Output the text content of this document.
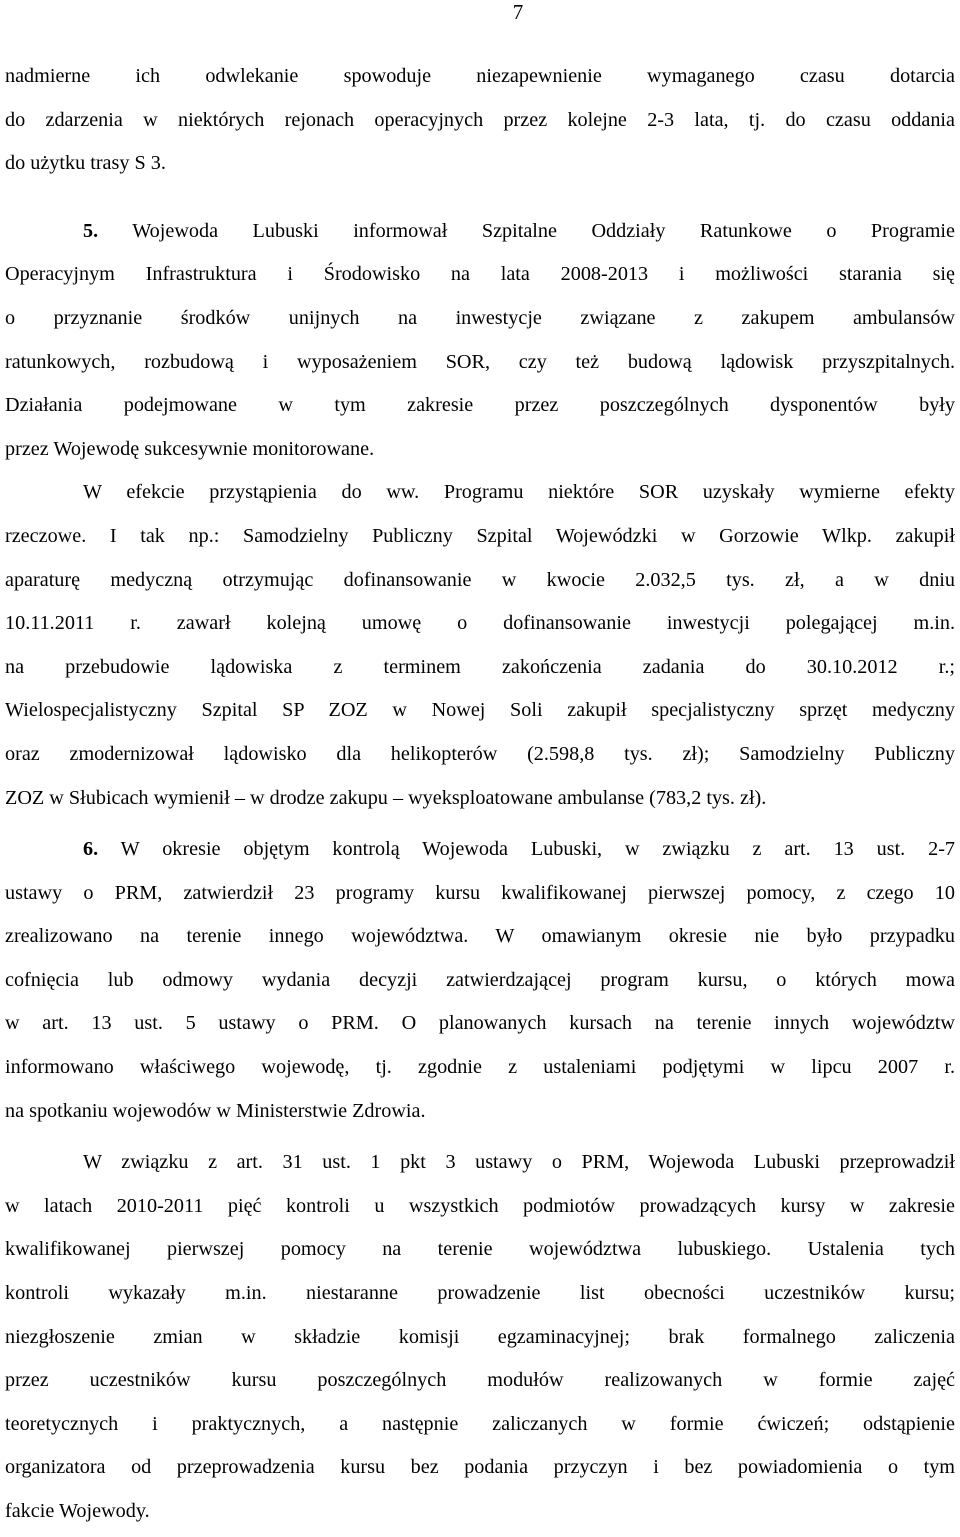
7
nadmierne ich odwlekanie spowoduje niezapewnienie wymaganego czasu dotarcia
do zdarzenia w niektórych rejonach operacyjnych przez kolejne 2-3 lata, tj. do czasu oddania
do użytku trasy S 3.
5. Wojewoda Lubuski informował Szpitalne Oddziały Ratunkowe o Programie
Operacyjnym Infrastruktura i Środowisko na lata 2008-2013 i możliwości starania się
o przyznanie środków unijnych na inwestycje związane z zakupem ambulansów
ratunkowych, rozbudową i wyposażeniem SOR, czy też budową lądowisk przyszpitalnych.
Działania podejmowane w tym zakresie przez poszczególnych dysponentów były
przez Wojewodę sukcesywnie monitorowane.
W efekcie przystąpienia do ww. Programu niektóre SOR uzyskały wymierne efekty
rzeczowe. I tak np.: Samodzielny Publiczny Szpital Wojewódzki w Gorzowie Wlkp. zakupił
aparaturę medyczną otrzymując dofinansowanie w kwocie 2.032,5 tys. zł, a w dniu
10.11.2011 r. zawarł kolejną umowę o dofinansowanie inwestycji polegającej m.in.
na przebudowie lądowiska z terminem zakończenia zadania do 30.10.2012 r.;
Wielospecjalistyczny Szpital SP ZOZ w Nowej Soli zakupił specjalistyczny sprzęt medyczny
oraz zmodernizował lądowisko dla helikopterów (2.598,8 tys. zł); Samodzielny Publiczny
ZOZ w Słubicach wymienił – w drodze zakupu – wyeksploatowane ambulanse (783,2 tys. zł).
6. W okresie objętym kontrolą Wojewoda Lubuski, w związku z art. 13 ust. 2-7
ustawy o PRM, zatwierdził 23 programy kursu kwalifikowanej pierwszej pomocy, z czego 10
zrealizowano na terenie innego województwa. W omawianym okresie nie było przypadku
cofnięcia lub odmowy wydania decyzji zatwierdzającej program kursu, o których mowa
w art. 13 ust. 5 ustawy o PRM. O planowanych kursach na terenie innych województw
informowano właściwego wojewodę, tj. zgodnie z ustaleniami podjętymi w lipcu 2007 r.
na spotkaniu wojewodów w Ministerstwie Zdrowia.
W związku z art. 31 ust. 1 pkt 3 ustawy o PRM, Wojewoda Lubuski przeprowadził
w latach 2010-2011 pięć kontroli u wszystkich podmiotów prowadzących kursy w zakresie
kwalifikowanej pierwszej pomocy na terenie województwa lubuskiego. Ustalenia tych
kontroli wykazały m.in. niestaranne prowadzenie list obecności uczestników kursu;
niezgłoszenie zmian w składzie komisji egzaminacyjnej; brak formalnego zaliczenia
przez uczestników kursu poszczególnych modułów realizowanych w formie zajęć
teoretycznych i praktycznych, a następnie zaliczanych w formie ćwiczeń; odstąpienie
organizatora od przeprowadzenia kursu bez podania przyczyn i bez powiadomienia o tym
fakcie Wojewody.
